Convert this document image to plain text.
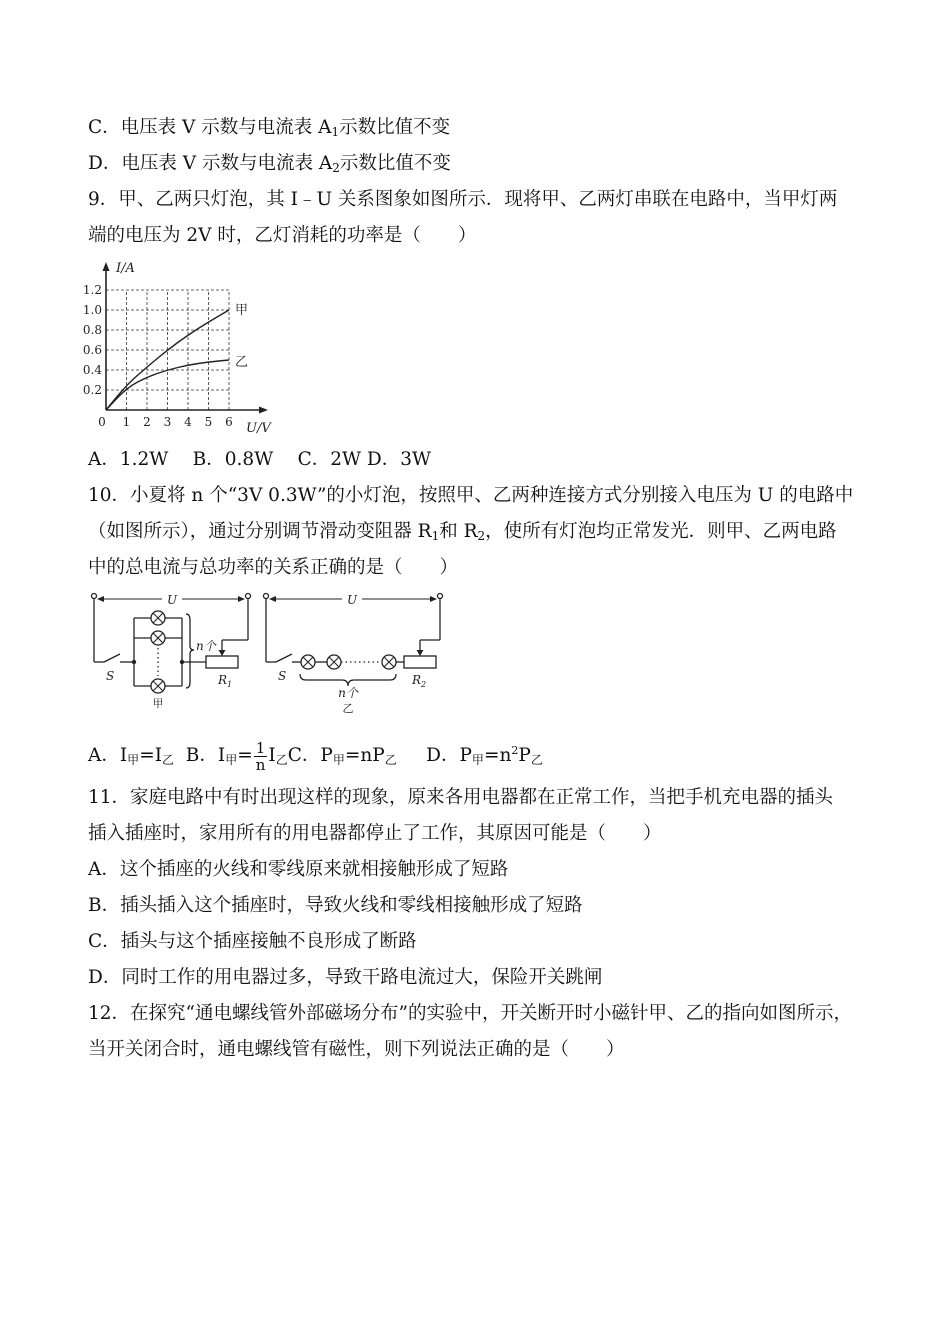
C．电压表 V 示数与电流表 $A_1$示数比值不变
D．电压表 V 示数与电流表 $A_2$示数比值不变
9．甲、乙两只灯泡，其 I﹣U 关系图象如图所示．现将甲、乙两灯串联在电路中，当甲灯两
端的电压为 2V 时，乙灯消耗的功率是（　　）
0.2
0.4
0.6
0.8
1.0
1.2
1 2 3 4 5 6
甲
乙
I/A
U/V
0
A．1.2W　 B．0.8W　 C．2W D．3W
10．小夏将 n 个“3V 0.3W”的小灯泡，按照甲、乙两种连接方式分别接入电压为 U 的电路中
（如图所示），通过分别调节滑动变阻器 $R_1$和 $R_2$，使所有灯泡均正常发光．则甲、乙两电路
中的总电流与总功率的关系正确的是（　　）
U
S
n个
$R_1$
甲
U
S
n个
$R_2$
乙
A．$I_甲=I_乙$ B．$I_甲= \frac{1}{n} I_乙C$．$P_甲=nP_乙$ D．$P_甲=n^2P_乙$
11．家庭电路中有时出现这样的现象，原来各用电器都在正常工作，当把手机充电器的插头
插入插座时，家用所有的用电器都停止了工作，其原因可能是（　　）
A．这个插座的火线和零线原来就相接触形成了短路
B．插头插入这个插座时，导致火线和零线相接触形成了短路
C．插头与这个插座接触不良形成了断路
D．同时工作的用电器过多，导致干路电流过大，保险开关跳闸
12．在探究“通电螺线管外部磁场分布”的实验中，开关断开时小磁针甲、乙的指向如图所示，
当开关闭合时，通电螺线管有磁性，则下列说法正确的是（　　）
